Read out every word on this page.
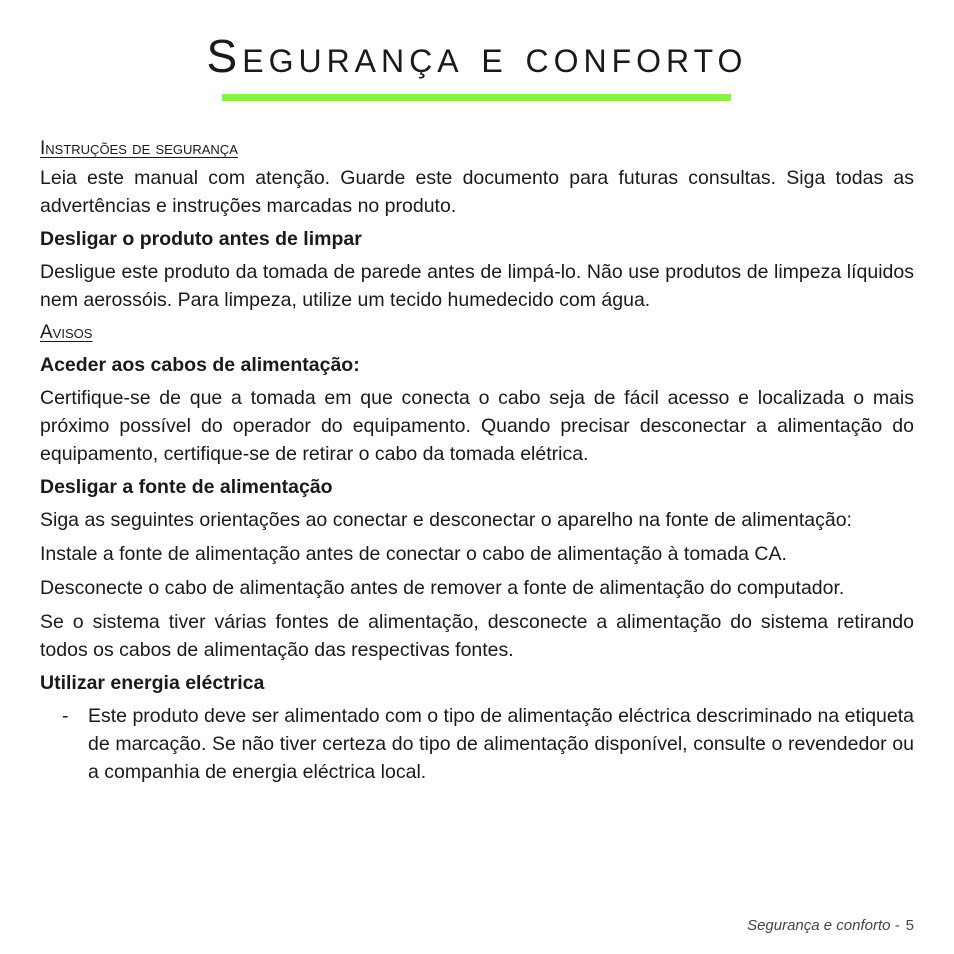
Segurança e conforto
Instruções de segurança

Leia este manual com atenção. Guarde este documento para futuras consultas. Siga todas as advertências e instruções marcadas no produto.

Desligar o produto antes de limpar

Desligue este produto da tomada de parede antes de limpá-lo. Não use produtos de limpeza líquidos nem aerossóis. Para limpeza, utilize um tecido humedecido com água.

Avisos
Aceder aos cabos de alimentação:

Certifique-se de que a tomada em que conecta o cabo seja de fácil acesso e localizada o mais próximo possível do operador do equipamento. Quando precisar desconectar a alimentação do equipamento, certifique-se de retirar o cabo da tomada elétrica.

Desligar a fonte de alimentação

Siga as seguintes orientações ao conectar e desconectar o aparelho na fonte de alimentação:

Instale a fonte de alimentação antes de conectar o cabo de alimentação à tomada CA.

Desconecte o cabo de alimentação antes de remover a fonte de alimentação do computador.

Se o sistema tiver várias fontes de alimentação, desconecte a alimentação do sistema retirando todos os cabos de alimentação das respectivas fontes.

Utilizar energia eléctrica
-	Este produto deve ser alimentado com o tipo de alimentação eléctrica descriminado na etiqueta de marcação. Se não tiver certeza do tipo de alimentação disponível, consulte o revendedor ou a companhia de energia eléctrica local.
Segurança e conforto - 5
